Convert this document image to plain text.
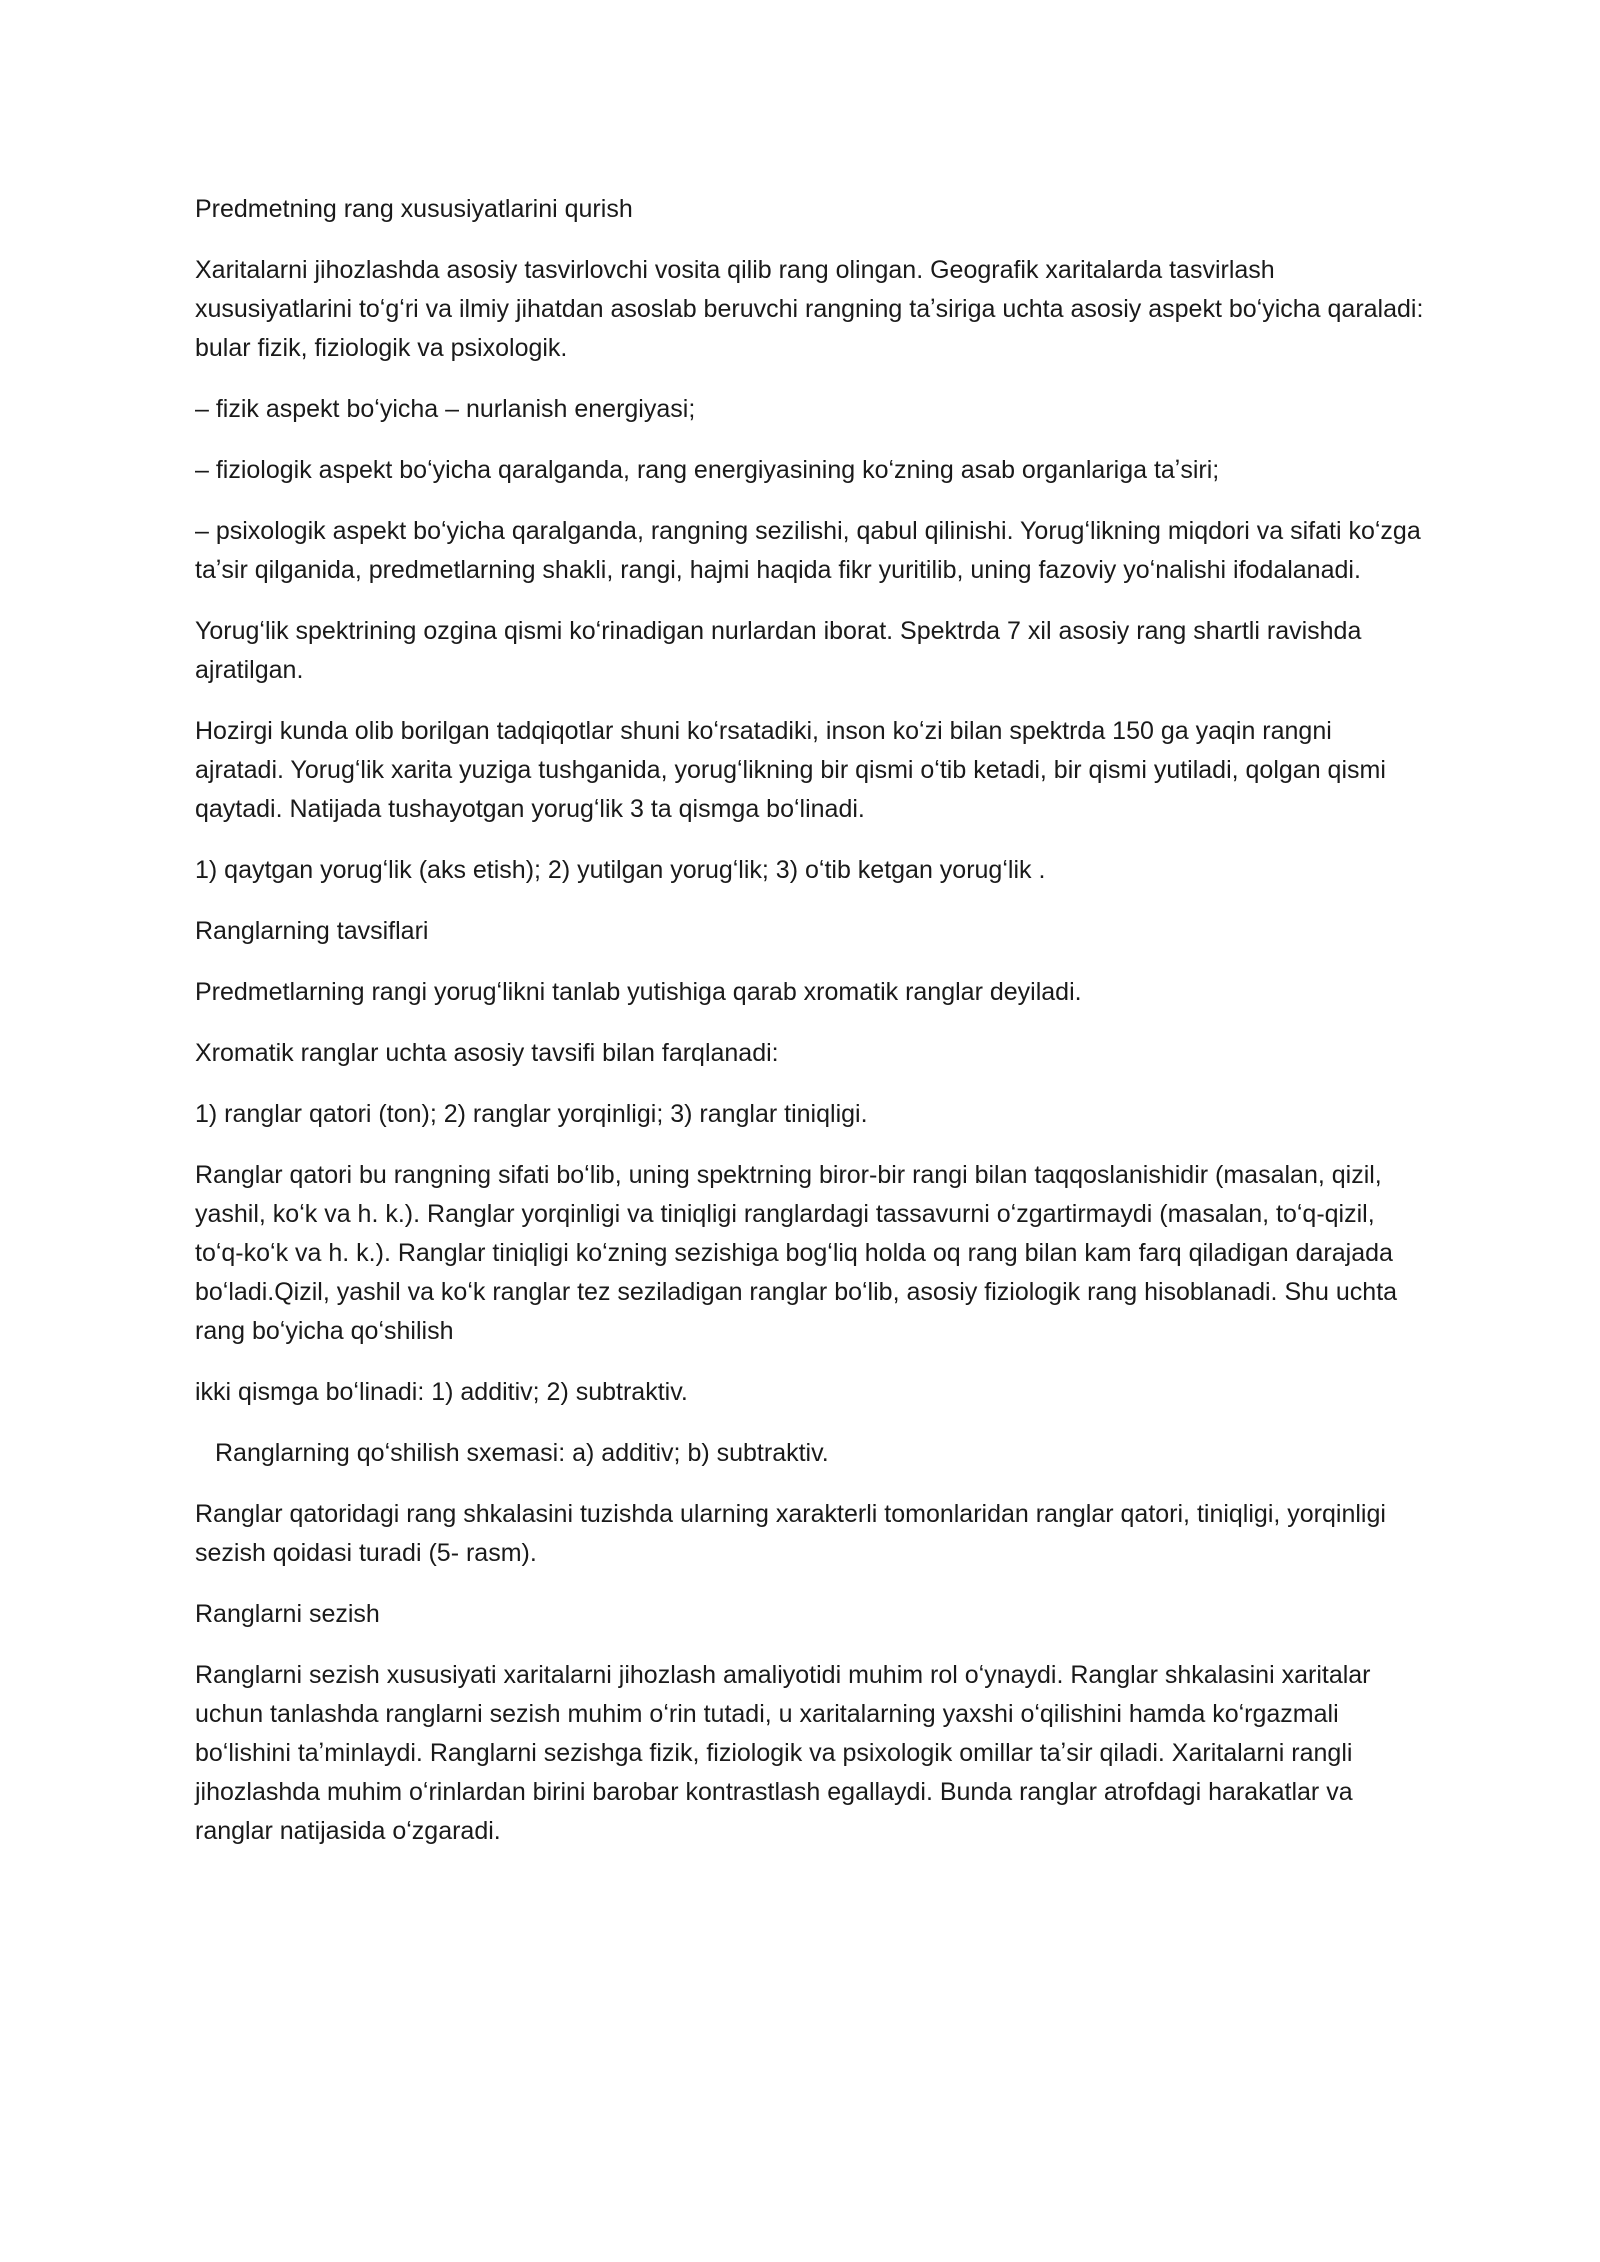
Predmetning rang xususiyatlarini qurish

Xaritalarni jihozlashda asosiy tasvirlovchi vosita qilib rang olingan. Geografik xaritalarda tasvirlash xususiyatlarini toʻgʻri va ilmiy jihatdan asoslab beruvchi rangning taʼsiriga uchta asosiy aspekt boʻyicha qaraladi: bular fizik, fiziologik va psixologik.

– fizik aspekt boʻyicha – nurlanish energiyasi;

– fiziologik aspekt boʻyicha qaralganda, rang energiyasining koʻzning asab organlariga taʼsiri;

– psixologik aspekt boʻyicha qaralganda, rangning sezilishi, qabul qilinishi. Yorugʻlikning miqdori va sifati koʻzga taʼsir qilganida, predmetlarning shakli, rangi, hajmi haqida fikr yuritilib, uning fazoviy yoʻnalishi ifodalanadi.

Yorugʻlik spektrining ozgina qismi koʻrinadigan nurlardan iborat. Spektrda 7 xil asosiy rang shartli ravishda ajratilgan.

Hozirgi kunda olib borilgan tadqiqotlar shuni koʻrsatadiki, inson koʻzi bilan spektrda 150 ga yaqin rangni ajratadi. Yorugʻlik xarita yuziga tushganida, yorugʻlikning bir qismi oʻtib ketadi, bir qismi yutiladi, qolgan qismi qaytadi. Natijada tushayotgan yorugʻlik 3 ta qismga boʻlinadi.

1) qaytgan yorugʻlik (aks etish); 2) yutilgan yorugʻlik; 3) oʻtib ketgan yorugʻlik .

Ranglarning tavsiflari

Predmetlarning rangi yorugʻlikni tanlab yutishiga qarab xromatik ranglar deyiladi.

Xromatik ranglar uchta asosiy tavsifi bilan farqlanadi:

1) ranglar qatori (ton); 2) ranglar yorqinligi; 3) ranglar tiniqligi.

Ranglar qatori bu rangning sifati boʻlib, uning spektrning biror-bir rangi bilan taqqoslanishidir (masalan, qizil, yashil, koʻk va h. k.). Ranglar yorqinligi va tiniqligi ranglardagi tassavurni oʻzgartirmaydi (masalan, toʻq-qizil, toʻq-koʻk va h. k.). Ranglar tiniqligi koʻzning sezishiga bogʻliq holda oq rang bilan kam farq qiladigan darajada boʻladi.Qizil, yashil va koʻk ranglar tez seziladigan ranglar boʻlib, asosiy fiziologik rang hisoblanadi. Shu uchta rang boʻyicha qoʻshilish

ikki qismga boʻlinadi: 1) additiv; 2) subtraktiv.

Ranglarning qoʻshilish sxemasi: a) additiv; b) subtraktiv.

Ranglar qatoridagi rang shkalasini tuzishda ularning xarakterli tomonlaridan ranglar qatori, tiniqligi, yorqinligi sezish qoidasi turadi (5- rasm).

Ranglarni sezish

Ranglarni sezish xususiyati xaritalarni jihozlash amaliyotidi muhim rol oʻynaydi. Ranglar shkalasini xaritalar uchun tanlashda ranglarni sezish muhim oʻrin tutadi, u xaritalarning yaxshi oʻqilishini hamda koʻrgazmali boʻlishini taʼminlaydi. Ranglarni sezishga fizik, fiziologik va psixologik omillar taʼsir qiladi. Xaritalarni rangli jihozlashda muhim oʻrinlardan birini barobar kontrastlash egallaydi. Bunda ranglar atrofdagi harakatlar va ranglar natijasida oʻzgaradi.
